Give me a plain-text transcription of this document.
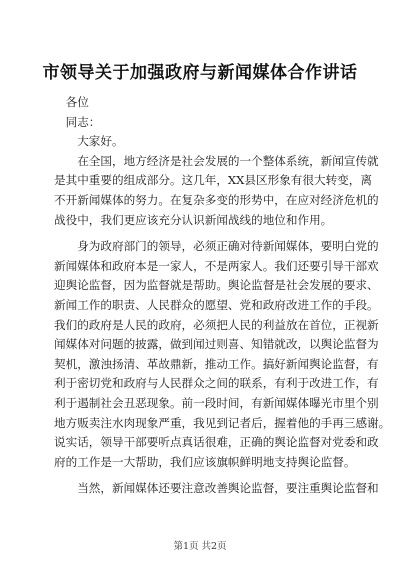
市领导关于加强政府与新闻媒体合作讲话

　各位

　同志：

　　大家好。

　　在全国，地方经济是社会发展的一个整体系统，新闻宣传就

是其中重要的组成部分。这几年，XX县区形象有很大转变，离

不开新闻媒体的努力。在复杂多变的形势中，在应对经济危机的

战役中，我们更应该充分认识新闻战线的地位和作用。

　　身为政府部门的领导，必须正确对待新闻媒体，要明白党的

新闻媒体和政府本是一家人，不是两家人。我们还要引导干部欢

迎舆论监督，因为监督就是帮助。舆论监督是社会发展的要求、

新闻工作的职责、人民群众的愿望、党和政府改进工作的手段。

我们的政府是人民的政府，必须把人民的利益放在首位，正视新

闻媒体对问题的披露，做到闻过则喜、知错就改，以舆论监督为

契机，激浊扬清、革故鼎新，推动工作。搞好新闻舆论监督，有

利于密切党和政府与人民群众之间的联系，有利于改进工作，有

利于遏制社会丑恶现象。前一段时间，有新闻媒体曝光市里个别

地方贩卖注水肉现象严重，我见到记者后，握着他的手再三感谢。

说实话，领导干部要听点真话很难，正确的舆论监督对党委和政

府的工作是一大帮助，我们应该旗帜鲜明地支持舆论监督。

　　当然，新闻媒体还要注意改善舆论监督，要注重舆论监督和

第1页 共2页
